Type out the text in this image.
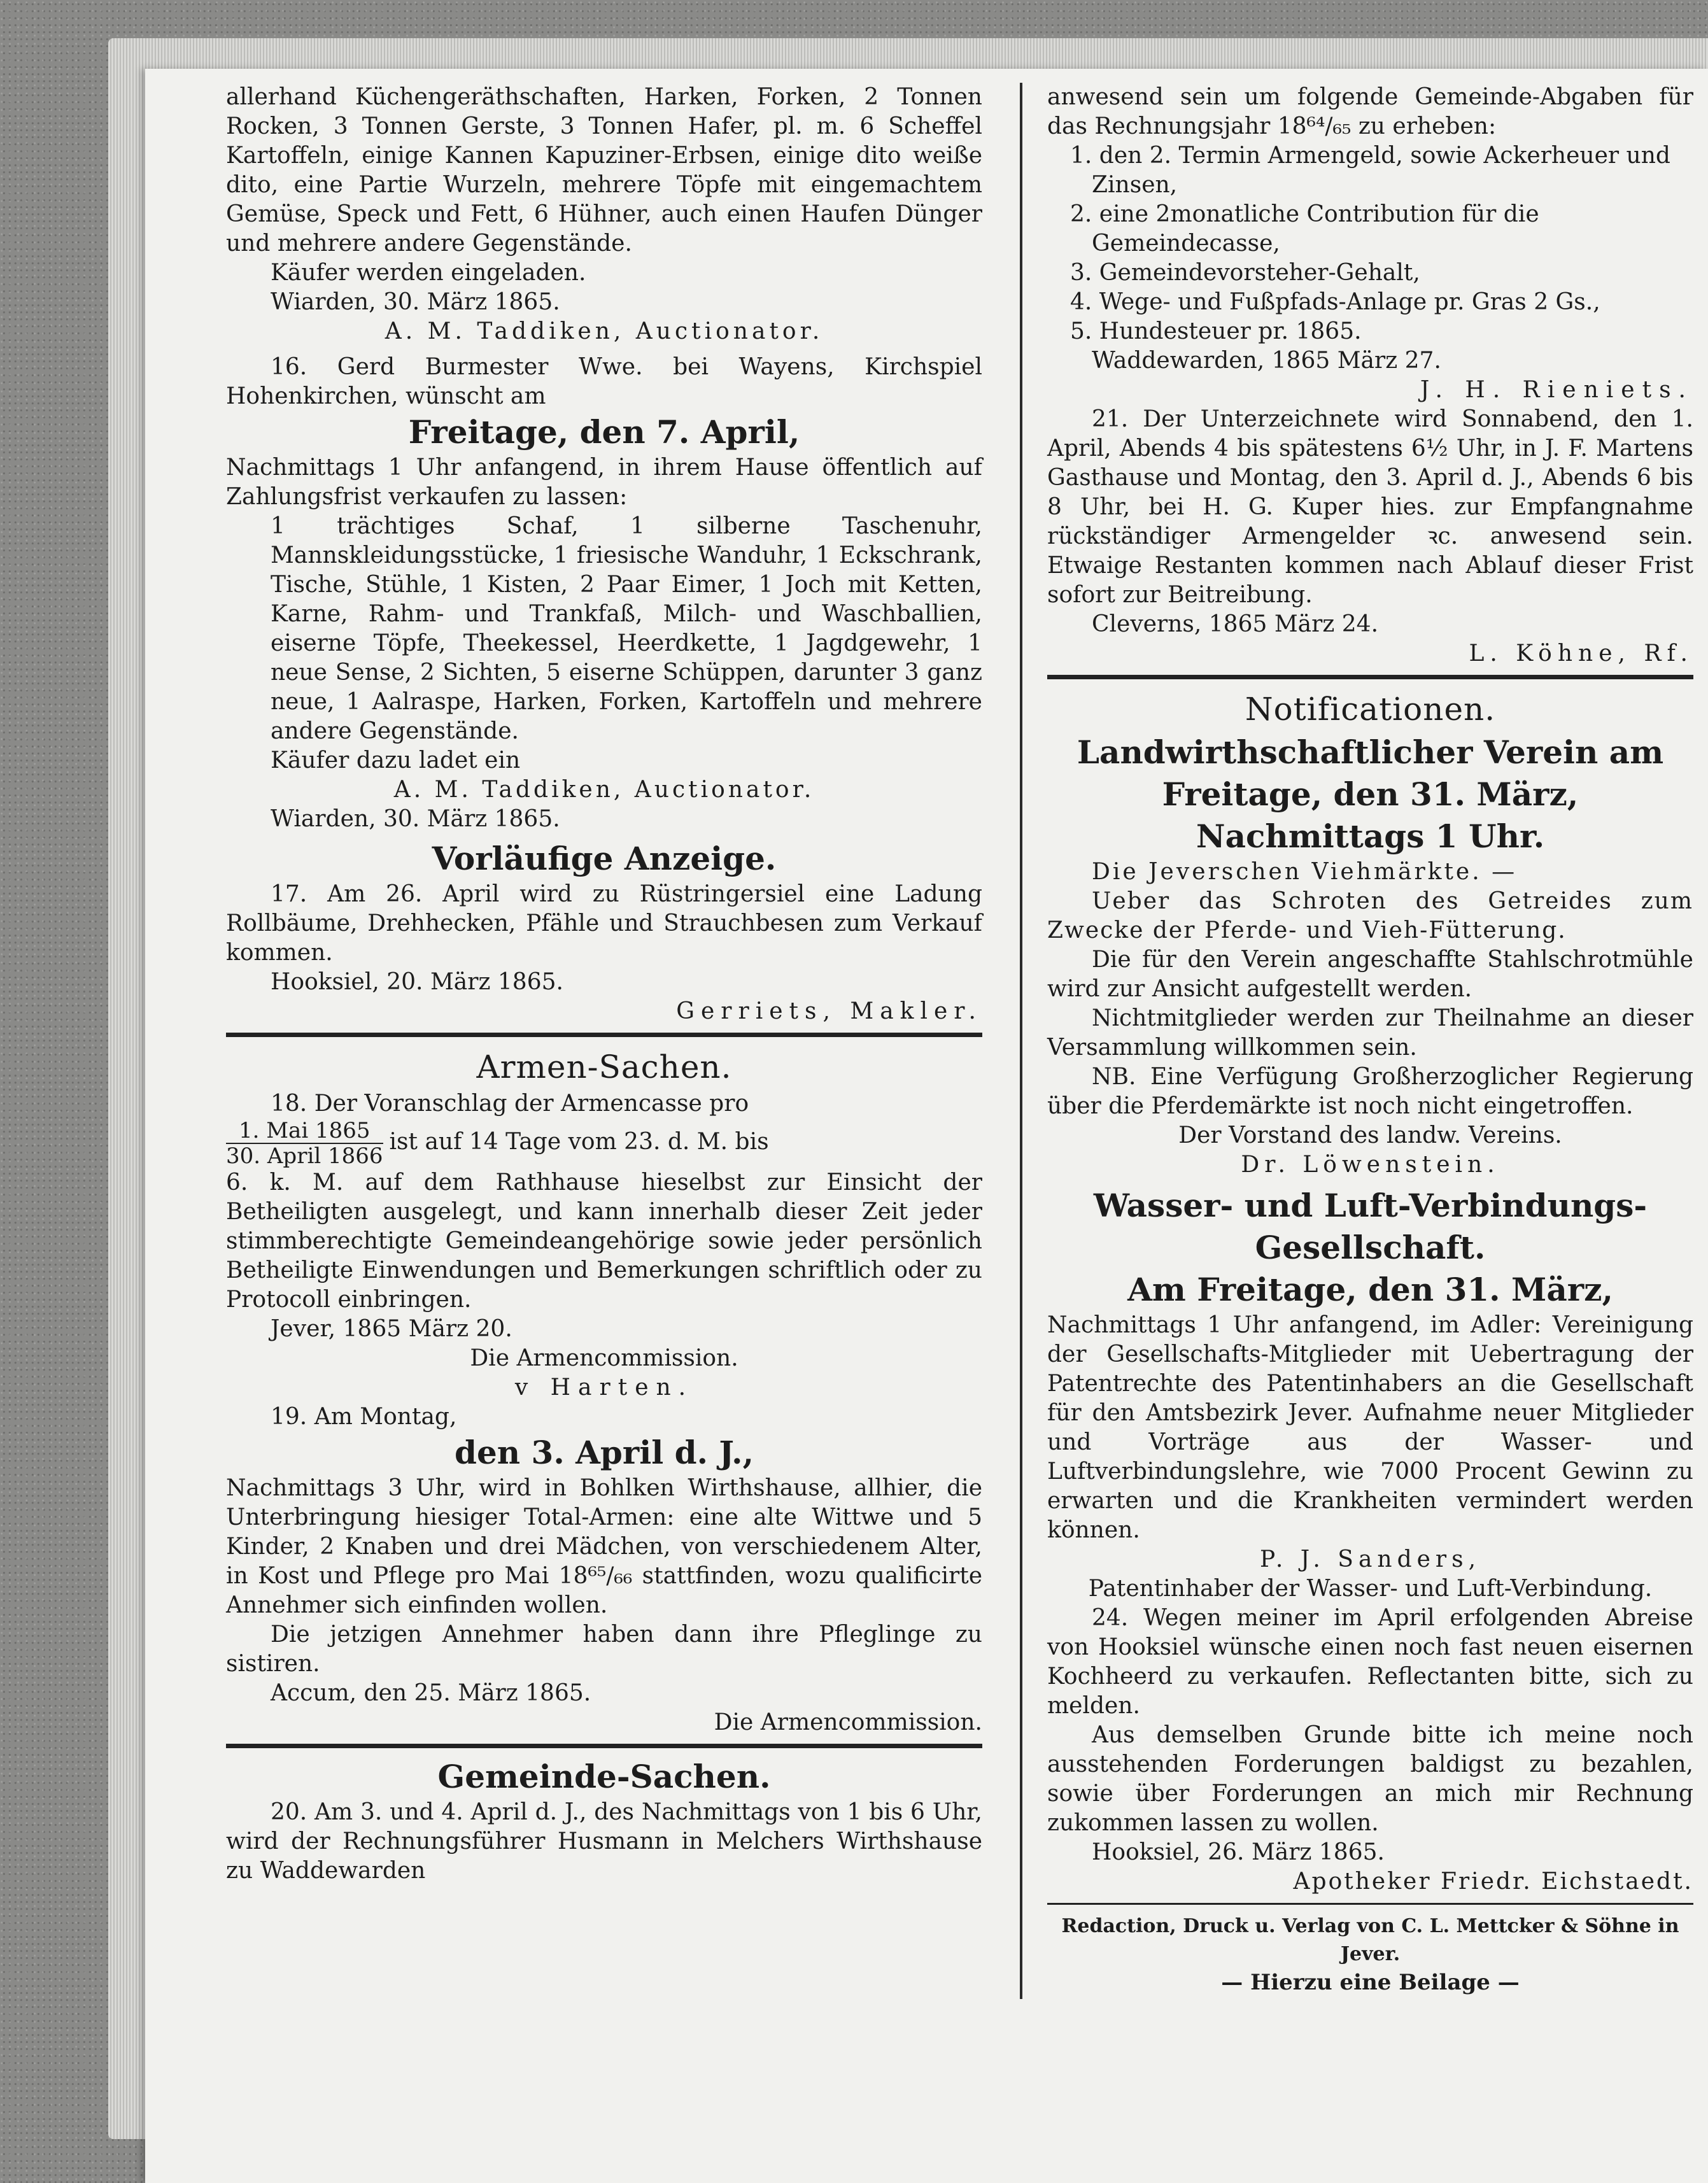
allerhand Küchengeräthschaften, Harken, Forken, 2 Tonnen Rocken, 3 Tonnen Gerste, 3 Tonnen Hafer, pl. m. 6 Scheffel Kartoffeln, einige Kannen Kapuziner-Erbsen, einige dito weiße dito, eine Partie Wurzeln, mehrere Töpfe mit eingemachtem Gemüse, Speck und Fett, 6 Hühner, auch einen Haufen Dünger und mehrere andere Gegenstände.

Käufer werden eingeladen.

Wiarden, 30. März 1865.

A. M. Taddiken, Auctionator.

16. Gerd Burmester Wwe. bei Wayens, Kirchspiel Hohenkirchen, wünscht am

Freitage, den 7. April,

Nachmittags 1 Uhr anfangend, in ihrem Hause öffentlich auf Zahlungsfrist verkaufen zu lassen:

1 trächtiges Schaf, 1 silberne Taschenuhr, Mannskleidungsstücke, 1 friesische Wanduhr, 1 Eckschrank, Tische, Stühle, 1 Kisten, 2 Paar Eimer, 1 Joch mit Ketten, Karne, Rahm- und Trankfaß, Milch- und Waschballien, eiserne Töpfe, Theekessel, Heerdkette, 1 Jagdgewehr, 1 neue Sense, 2 Sichten, 5 eiserne Schüppen, darunter 3 ganz neue, 1 Aalraspe, Harken, Forken, Kartoffeln und mehrere andere Gegenstände.

Käufer dazu ladet ein

A. M. Taddiken, Auctionator.

Wiarden, 30. März 1865.

Vorläufige Anzeige.

17. Am 26. April wird zu Rüstringersiel eine Ladung Rollbäume, Drehhecken, Pfähle und Strauchbesen zum Verkauf kommen.

Hooksiel, 20. März 1865.

Gerriets, Makler.

Armen-Sachen.

18. Der Voranschlag der Armencasse pro

$\frac{\text{1. Mai 1865}}{\text{30. April 1866}}$ ist auf 14 Tage vom 23. d. M. bis

6. k. M. auf dem Rathhause hieselbst zur Einsicht der Betheiligten ausgelegt, und kann innerhalb dieser Zeit jeder stimmberechtigte Gemeindeangehörige sowie jeder persönlich Betheiligte Einwendungen und Bemerkungen schriftlich oder zu Protocoll einbringen.

Jever, 1865 März 20.

Die Armencommission.

v Harten.

19. Am Montag,

den 3. April d. J.,

Nachmittags 3 Uhr, wird in Bohlken Wirthshause, allhier, die Unterbringung hiesiger Total-Armen: eine alte Wittwe und 5 Kinder, 2 Knaben und drei Mädchen, von verschiedenem Alter, in Kost und Pflege pro Mai 18⁶⁵/₆₆ stattfinden, wozu qualificirte Annehmer sich einfinden wollen.

Die jetzigen Annehmer haben dann ihre Pfleglinge zu sistiren.

Accum, den 25. März 1865.

Die Armencommission.

Gemeinde-Sachen.

20. Am 3. und 4. April d. J., des Nachmittags von 1 bis 6 Uhr, wird der Rechnungsführer Husmann in Melchers Wirthshause zu Waddewarden

anwesend sein um folgende Gemeinde-Abgaben für das Rechnungsjahr 18⁶⁴/₆₅ zu erheben:

1. den 2. Termin Armengeld, sowie Ackerheuer und Zinsen,

2. eine 2monatliche Contribution für die Gemeindecasse,

3. Gemeindevorsteher-Gehalt,

4. Wege- und Fußpfads-Anlage pr. Gras 2 Gs.,

5. Hundesteuer pr. 1865.

Waddewarden, 1865 März 27.

J. H. Rieniets.

21. Der Unterzeichnete wird Sonnabend, den 1. April, Abends 4 bis spätestens 6½ Uhr, in J. F. Martens Gasthause und Montag, den 3. April d. J., Abends 6 bis 8 Uhr, bei H. G. Kuper hies. zur Empfangnahme rückständiger Armengelder ꝛc. anwesend sein. Etwaige Restanten kommen nach Ablauf dieser Frist sofort zur Beitreibung.

Cleverns, 1865 März 24.

L. Köhne, Rf.

Notificationen.

Landwirthschaftlicher Verein am Freitage, den 31. März, Nachmittags 1 Uhr.

Die Jeverschen Viehmärkte. —

Ueber das Schroten des Getreides zum Zwecke der Pferde- und Vieh-Fütterung.

Die für den Verein angeschaffte Stahlschrotmühle wird zur Ansicht aufgestellt werden.

Nichtmitglieder werden zur Theilnahme an dieser Versammlung willkommen sein.

NB. Eine Verfügung Großherzoglicher Regierung über die Pferdemärkte ist noch nicht eingetroffen.

Der Vorstand des landw. Vereins.

Dr. Löwenstein.

Wasser- und Luft-Verbindungs-Gesellschaft.

Am Freitage, den 31. März,

Nachmittags 1 Uhr anfangend, im Adler: Vereinigung der Gesellschafts-Mitglieder mit Uebertragung der Patentrechte des Patentinhabers an die Gesellschaft für den Amtsbezirk Jever. Aufnahme neuer Mitglieder und Vorträge aus der Wasser- und Luftverbindungslehre, wie 7000 Procent Gewinn zu erwarten und die Krankheiten vermindert werden können.

P. J. Sanders,

Patentinhaber der Wasser- und Luft-Verbindung.

24. Wegen meiner im April erfolgenden Abreise von Hooksiel wünsche einen noch fast neuen eisernen Kochheerd zu verkaufen. Reflectanten bitte, sich zu melden.

Aus demselben Grunde bitte ich meine noch ausstehenden Forderungen baldigst zu bezahlen, sowie über Forderungen an mich mir Rechnung zukommen lassen zu wollen.

Hooksiel, 26. März 1865.

Apotheker Friedr. Eichstaedt.

Redaction, Druck u. Verlag von C. L. Mettcker & Söhne in Jever.

— Hierzu eine Beilage —
